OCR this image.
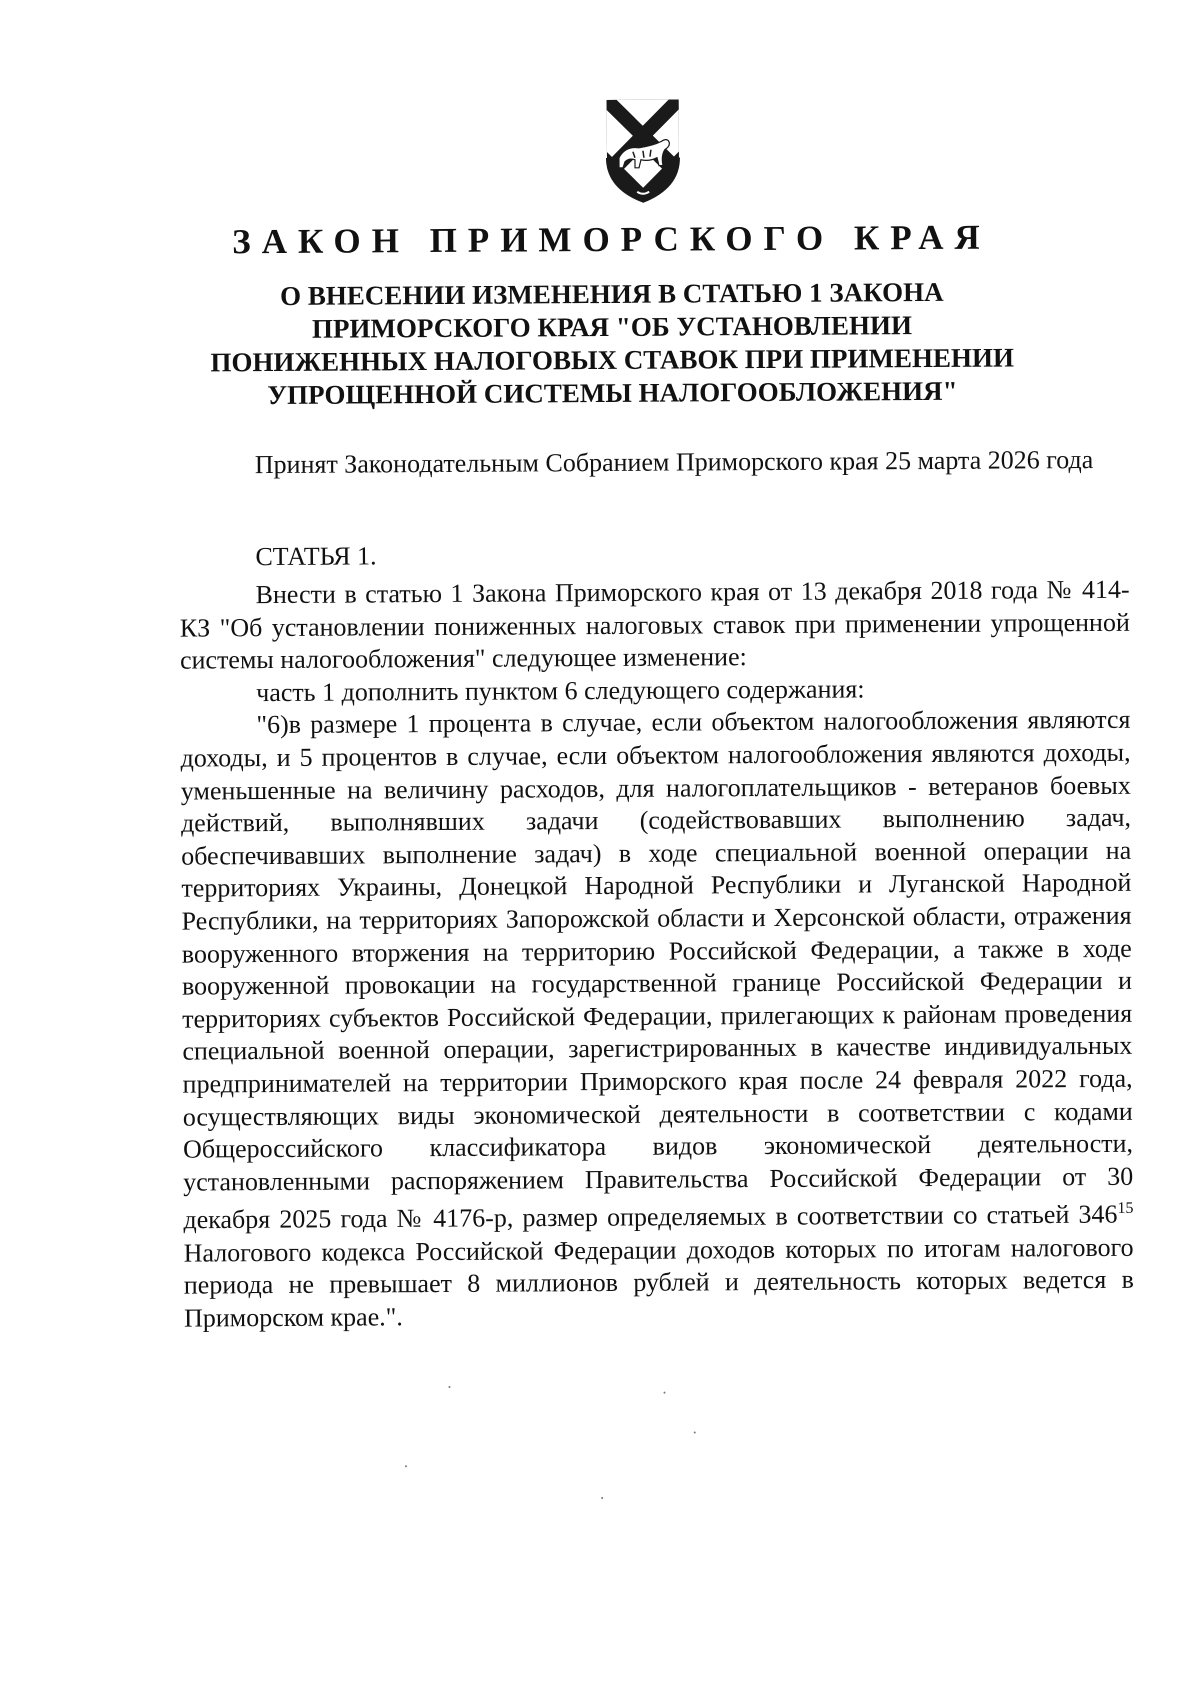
ЗАКОН ПРИМОРСКОГО КРАЯ
О ВНЕСЕНИИ ИЗМЕНЕНИЯ В СТАТЬЮ 1 ЗАКОНА ПРИМОРСКОГО КРАЯ "ОБ УСТАНОВЛЕНИИ ПОНИЖЕННЫХ НАЛОГОВЫХ СТАВОК ПРИ ПРИМЕНЕНИИ УПРОЩЕННОЙ СИСТЕМЫ НАЛОГООБЛОЖЕНИЯ"

Принят Законодательным Собранием Приморского края 25 марта 2026 года

СТАТЬЯ 1.

Внести в статью 1 Закона Приморского края от 13 декабря 2018 года № 414-КЗ "Об установлении пониженных налоговых ставок при применении упрощенной системы налогообложения" следующее изменение:

часть 1 дополнить пунктом 6 следующего содержания:

"6)в размере 1 процента в случае, если объектом налогообложения являются доходы, и 5 процентов в случае, если объектом налогообложения являются доходы, уменьшенные на величину расходов, для налогоплательщиков - ветеранов боевых действий, выполнявших задачи (содействовавших выполнению задач, обеспечивавших выполнение задач) в ходе специальной военной операции на территориях Украины, Донецкой Народной Республики и Луганской Народной Республики, на территориях Запорожской области и Херсонской области, отражения вооруженного вторжения на территорию Российской Федерации, а также в ходе вооруженной провокации на государственной границе Российской Федерации и территориях субъектов Российской Федерации, прилегающих к районам проведения специальной военной операции, зарегистрированных в качестве индивидуальных предпринимателей на территории Приморского края после 24 февраля 2022 года, осуществляющих виды экономической деятельности в соответствии с кодами Общероссийского классификатора видов экономической деятельности, установленными распоряжением Правительства Российской Федерации от 30 декабря 2025 года № 4176-р, размер определяемых в соответствии со статьей $346^{15}$ Налогового кодекса Российской Федерации доходов которых по итогам налогового периода не превышает 8 миллионов рублей и деятельность которых ведется в Приморском крае.".
